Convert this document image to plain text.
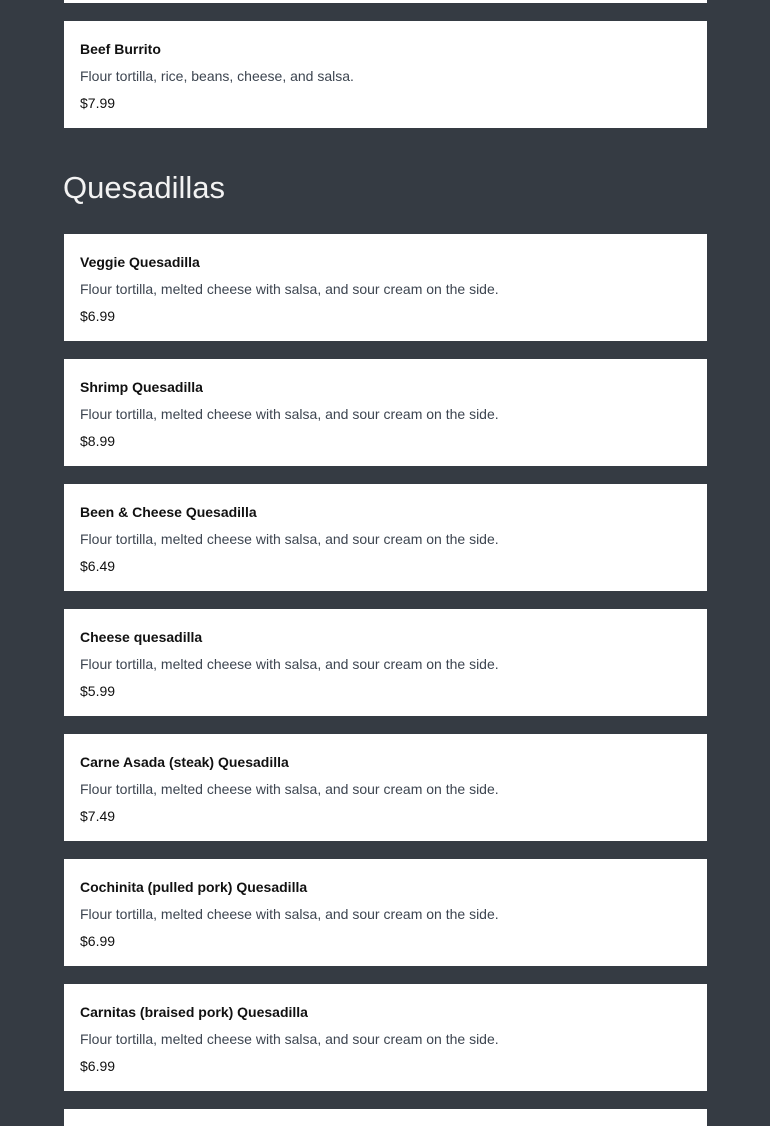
Beef Burrito
Flour tortilla, rice, beans, cheese, and salsa.
$7.99
Quesadillas
Veggie Quesadilla
Flour tortilla, melted cheese with salsa, and sour cream on the side.
$6.99
Shrimp Quesadilla
Flour tortilla, melted cheese with salsa, and sour cream on the side.
$8.99
Been & Cheese Quesadilla
Flour tortilla, melted cheese with salsa, and sour cream on the side.
$6.49
Cheese quesadilla
Flour tortilla, melted cheese with salsa, and sour cream on the side.
$5.99
Carne Asada (steak) Quesadilla
Flour tortilla, melted cheese with salsa, and sour cream on the side.
$7.49
Cochinita (pulled pork) Quesadilla
Flour tortilla, melted cheese with salsa, and sour cream on the side.
$6.99
Carnitas (braised pork) Quesadilla
Flour tortilla, melted cheese with salsa, and sour cream on the side.
$6.99
